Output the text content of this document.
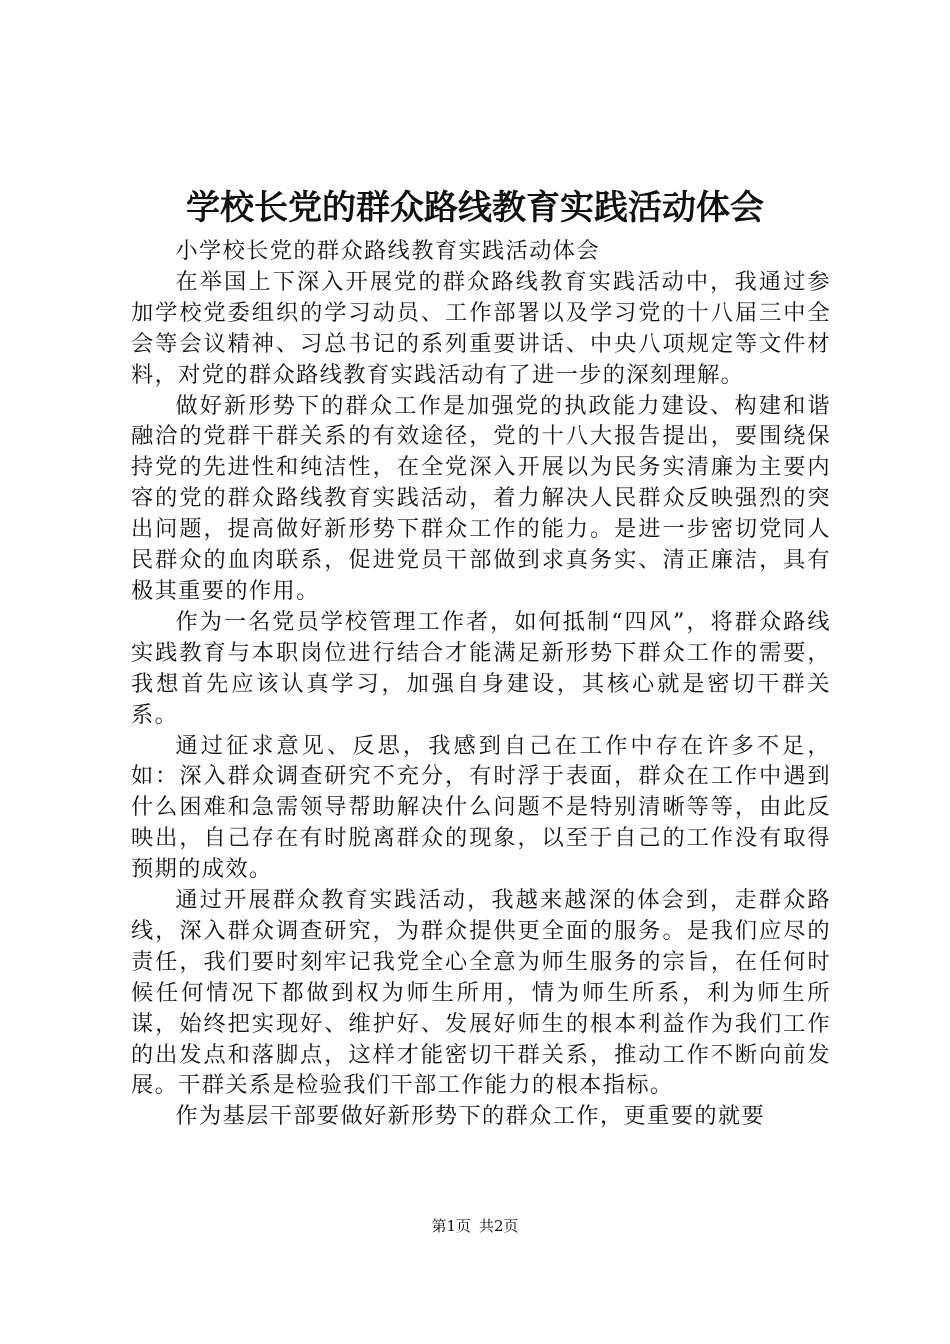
学校长党的群众路线教育实践活动体会

小学校长党的群众路线教育实践活动体会

在举国上下深入开展党的群众路线教育实践活动中，我通过参加学校党委组织的学习动员、工作部署以及学习党的十八届三中全会等会议精神、习总书记的系列重要讲话、中央八项规定等文件材料，对党的群众路线教育实践活动有了进一步的深刻理解。

做好新形势下的群众工作是加强党的执政能力建设、构建和谐融洽的党群干群关系的有效途径，党的十八大报告提出，要围绕保持党的先进性和纯洁性，在全党深入开展以为民务实清廉为主要内容的党的群众路线教育实践活动，着力解决人民群众反映强烈的突出问题，提高做好新形势下群众工作的能力。是进一步密切党同人民群众的血肉联系，促进党员干部做到求真务实、清正廉洁，具有极其重要的作用。

作为一名党员学校管理工作者，如何抵制“四风”，将群众路线实践教育与本职岗位进行结合才能满足新形势下群众工作的需要，我想首先应该认真学习，加强自身建设，其核心就是密切干群关系。

通过征求意见、反思，我感到自己在工作中存在许多不足，如：深入群众调查研究不充分，有时浮于表面，群众在工作中遇到什么困难和急需领导帮助解决什么问题不是特别清晰等等，由此反映出，自己存在有时脱离群众的现象，以至于自己的工作没有取得预期的成效。

通过开展群众教育实践活动，我越来越深的体会到，走群众路线，深入群众调查研究，为群众提供更全面的服务。是我们应尽的责任，我们要时刻牢记我党全心全意为师生服务的宗旨，在任何时候任何情况下都做到权为师生所用，情为师生所系，利为师生所谋，始终把实现好、维护好、发展好师生的根本利益作为我们工作的出发点和落脚点，这样才能密切干群关系，推动工作不断向前发展。干群关系是检验我们干部工作能力的根本指标。

作为基层干部要做好新形势下的群众工作，更重要的就要

第1页 共2页
